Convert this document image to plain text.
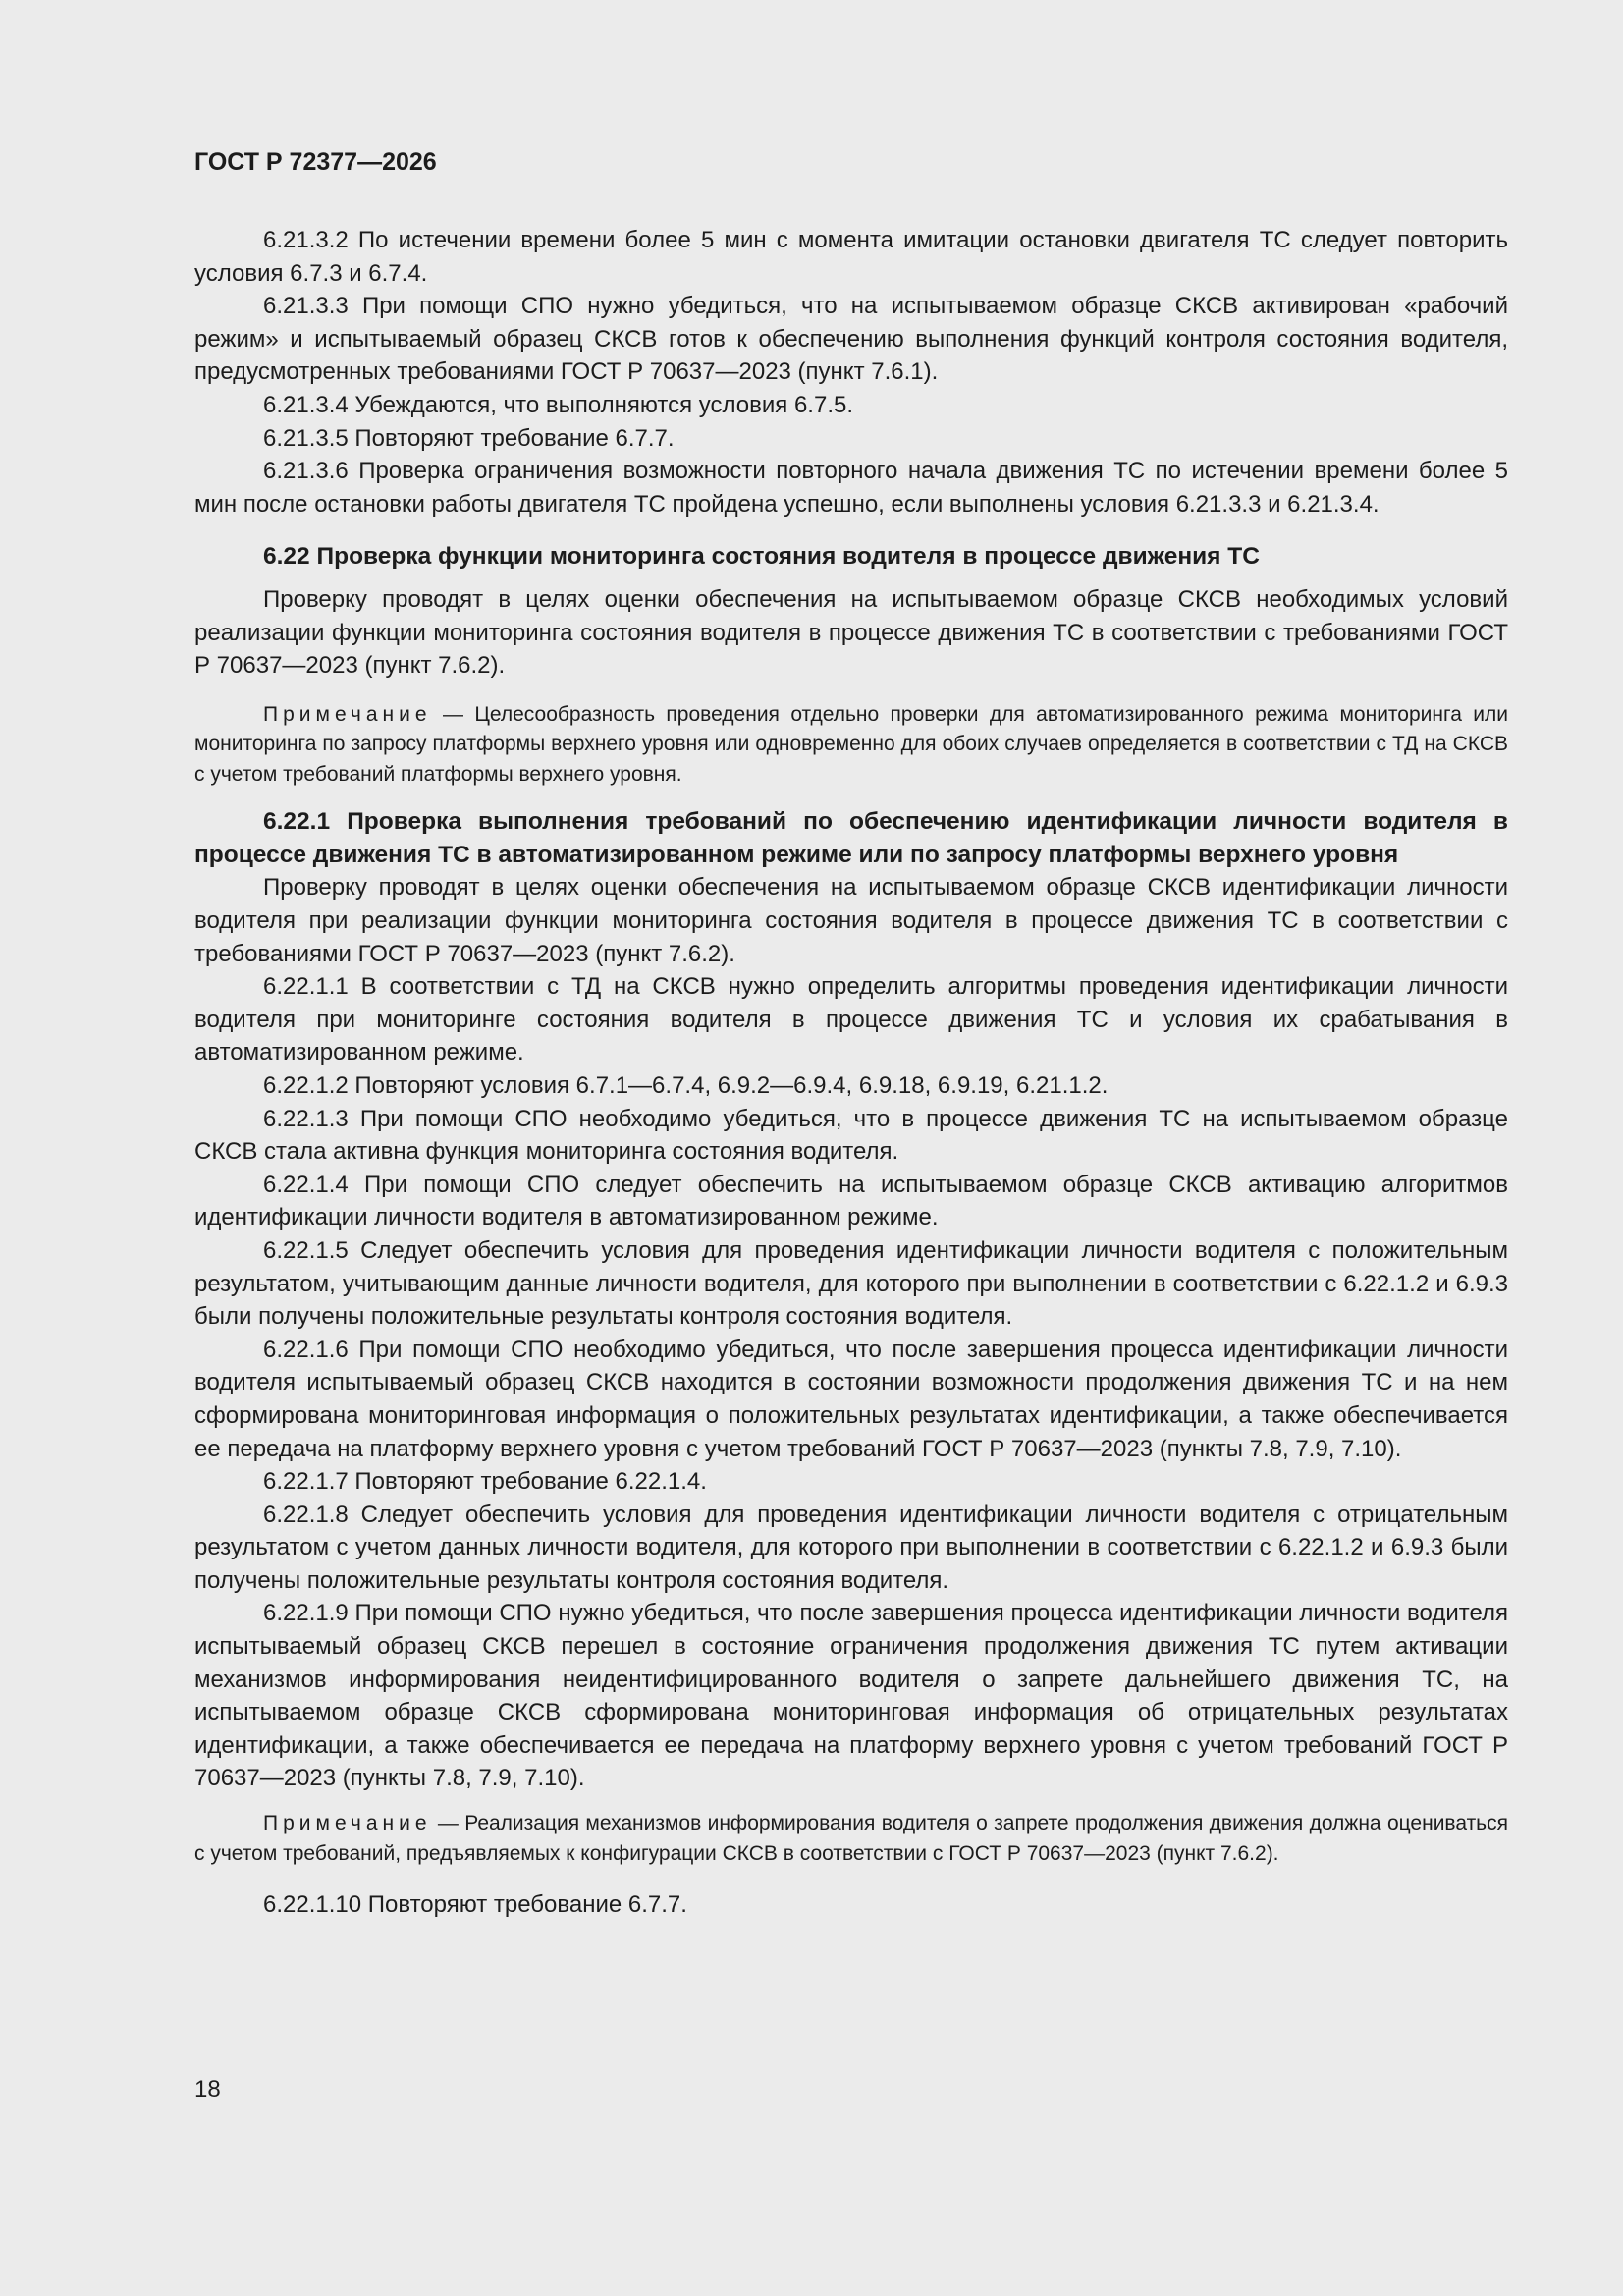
ГОСТ Р 72377—2026

6.21.3.2 По истечении времени более 5 мин с момента имитации остановки двигателя ТС следует повторить условия 6.7.3 и 6.7.4.

6.21.3.3 При помощи СПО нужно убедиться, что на испытываемом образце СКСВ активирован «рабочий режим» и испытываемый образец СКСВ готов к обеспечению выполнения функций контроля состояния водителя, предусмотренных требованиями ГОСТ Р 70637—2023 (пункт 7.6.1).

6.21.3.4 Убеждаются, что выполняются условия 6.7.5.

6.21.3.5 Повторяют требование 6.7.7.

6.21.3.6 Проверка ограничения возможности повторного начала движения ТС по истечении времени более 5 мин после остановки работы двигателя ТС пройдена успешно, если выполнены условия 6.21.3.3 и 6.21.3.4.

6.22 Проверка функции мониторинга состояния водителя в процессе движения ТС

Проверку проводят в целях оценки обеспечения на испытываемом образце СКСВ необходимых условий реализации функции мониторинга состояния водителя в процессе движения ТС в соответствии с требованиями ГОСТ Р 70637—2023 (пункт 7.6.2).

Примечание — Целесообразность проведения отдельно проверки для автоматизированного режима мониторинга или мониторинга по запросу платформы верхнего уровня или одновременно для обоих случаев определяется в соответствии с ТД на СКСВ с учетом требований платформы верхнего уровня.

6.22.1 Проверка выполнения требований по обеспечению идентификации личности водителя в процессе движения ТС в автоматизированном режиме или по запросу платформы верхнего уровня

Проверку проводят в целях оценки обеспечения на испытываемом образце СКСВ идентификации личности водителя при реализации функции мониторинга состояния водителя в процессе движения ТС в соответствии с требованиями ГОСТ Р 70637—2023 (пункт 7.6.2).

6.22.1.1 В соответствии с ТД на СКСВ нужно определить алгоритмы проведения идентификации личности водителя при мониторинге состояния водителя в процессе движения ТС и условия их срабатывания в автоматизированном режиме.

6.22.1.2 Повторяют условия 6.7.1—6.7.4, 6.9.2—6.9.4, 6.9.18, 6.9.19, 6.21.1.2.

6.22.1.3 При помощи СПО необходимо убедиться, что в процессе движения ТС на испытываемом образце СКСВ стала активна функция мониторинга состояния водителя.

6.22.1.4 При помощи СПО следует обеспечить на испытываемом образце СКСВ активацию алгоритмов идентификации личности водителя в автоматизированном режиме.

6.22.1.5 Следует обеспечить условия для проведения идентификации личности водителя с положительным результатом, учитывающим данные личности водителя, для которого при выполнении в соответствии с 6.22.1.2 и 6.9.3 были получены положительные результаты контроля состояния водителя.

6.22.1.6 При помощи СПО необходимо убедиться, что после завершения процесса идентификации личности водителя испытываемый образец СКСВ находится в состоянии возможности продолжения движения ТС и на нем сформирована мониторинговая информация о положительных результатах идентификации, а также обеспечивается ее передача на платформу верхнего уровня с учетом требований ГОСТ Р 70637—2023 (пункты 7.8, 7.9, 7.10).

6.22.1.7 Повторяют требование 6.22.1.4.

6.22.1.8 Следует обеспечить условия для проведения идентификации личности водителя с отрицательным результатом с учетом данных личности водителя, для которого при выполнении в соответствии с 6.22.1.2 и 6.9.3 были получены положительные результаты контроля состояния водителя.

6.22.1.9 При помощи СПО нужно убедиться, что после завершения процесса идентификации личности водителя испытываемый образец СКСВ перешел в состояние ограничения продолжения движения ТС путем активации механизмов информирования неидентифицированного водителя о запрете дальнейшего движения ТС, на испытываемом образце СКСВ сформирована мониторинговая информация об отрицательных результатах идентификации, а также обеспечивается ее передача на платформу верхнего уровня с учетом требований ГОСТ Р 70637—2023 (пункты 7.8, 7.9, 7.10).

Примечание — Реализация механизмов информирования водителя о запрете продолжения движения должна оцениваться с учетом требований, предъявляемых к конфигурации СКСВ в соответствии с ГОСТ Р 70637—2023 (пункт 7.6.2).

6.22.1.10 Повторяют требование 6.7.7.

18
